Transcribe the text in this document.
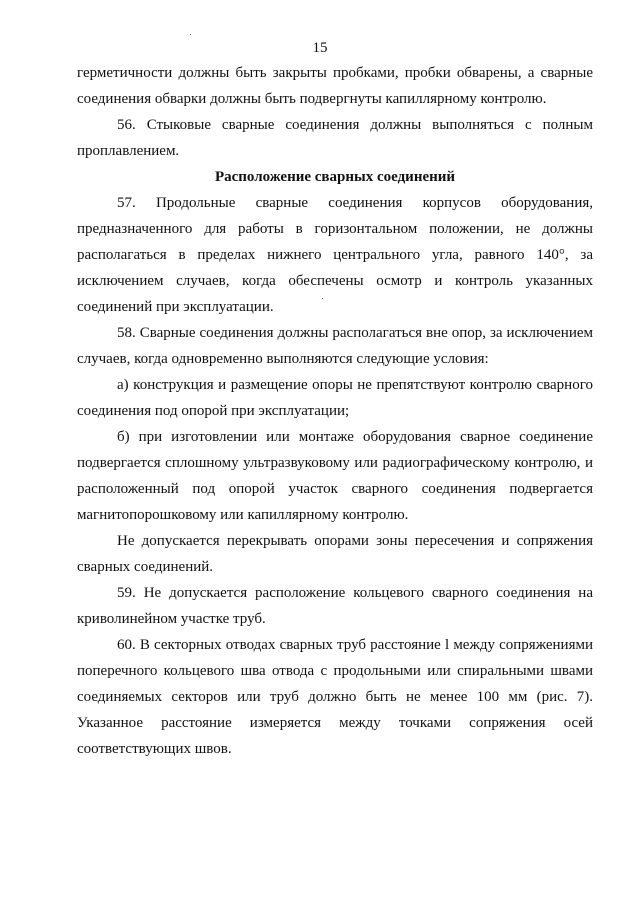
15

герметичности должны быть закрыты пробками, пробки обварены, а сварные соединения обварки должны быть подвергнуты капиллярному контролю.

56. Стыковые сварные соединения должны выполняться с полным проплавлением.

Расположение сварных соединений

57. Продольные сварные соединения корпусов оборудования, предназначенного для работы в горизонтальном положении, не должны располагаться в пределах нижнего центрального угла, равного 140°, за исключением случаев, когда обеспечены осмотр и контроль указанных соединений при эксплуатации.

58. Сварные соединения должны располагаться вне опор, за исключением случаев, когда одновременно выполняются следующие условия:

а) конструкция и размещение опоры не препятствуют контролю сварного соединения под опорой при эксплуатации;

б) при изготовлении или монтаже оборудования сварное соединение подвергается сплошному ультразвуковому или радиографическому контролю, и расположенный под опорой участок сварного соединения подвергается магнитопорошковому или капиллярному контролю.

Не допускается перекрывать опорами зоны пересечения и сопряжения сварных соединений.

59. Не допускается расположение кольцевого сварного соединения на криволинейном участке труб.

60. В секторных отводах сварных труб расстояние l между сопряжениями поперечного кольцевого шва отвода с продольными или спиральными швами соединяемых секторов или труб должно быть не менее 100 мм (рис. 7). Указанное расстояние измеряется между точками сопряжения осей соответствующих швов.
